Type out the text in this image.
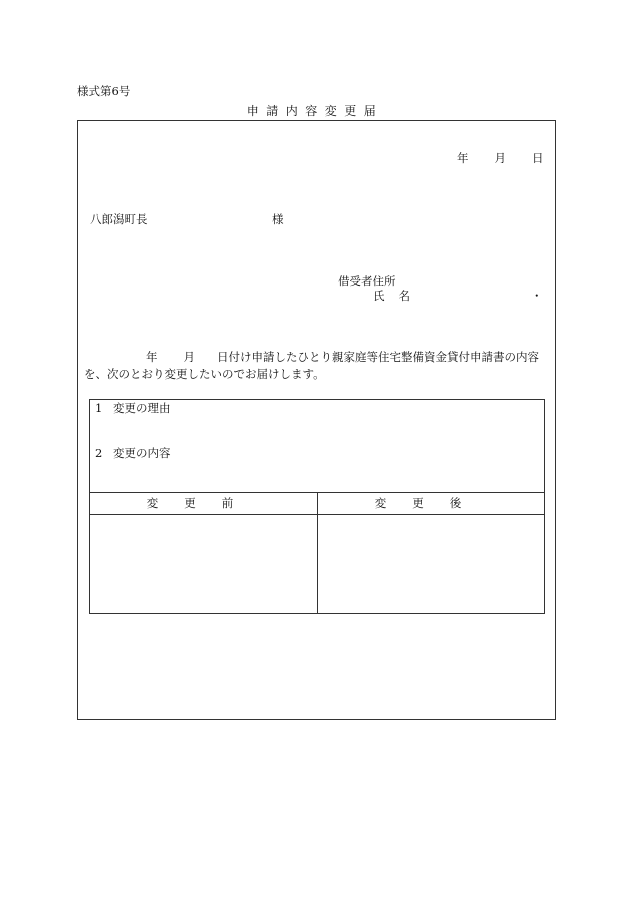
様式第6号
申請内容変更届
年 月 日
八郎潟町長	様
借受者住所
氏名	・
年 月 日付け申請したひとり親家庭等住宅整備資金貸付申請書の内容
を、次のとおり変更したいのでお届けします。
1 変更の理由
2 変更の内容
変更前	変更後
